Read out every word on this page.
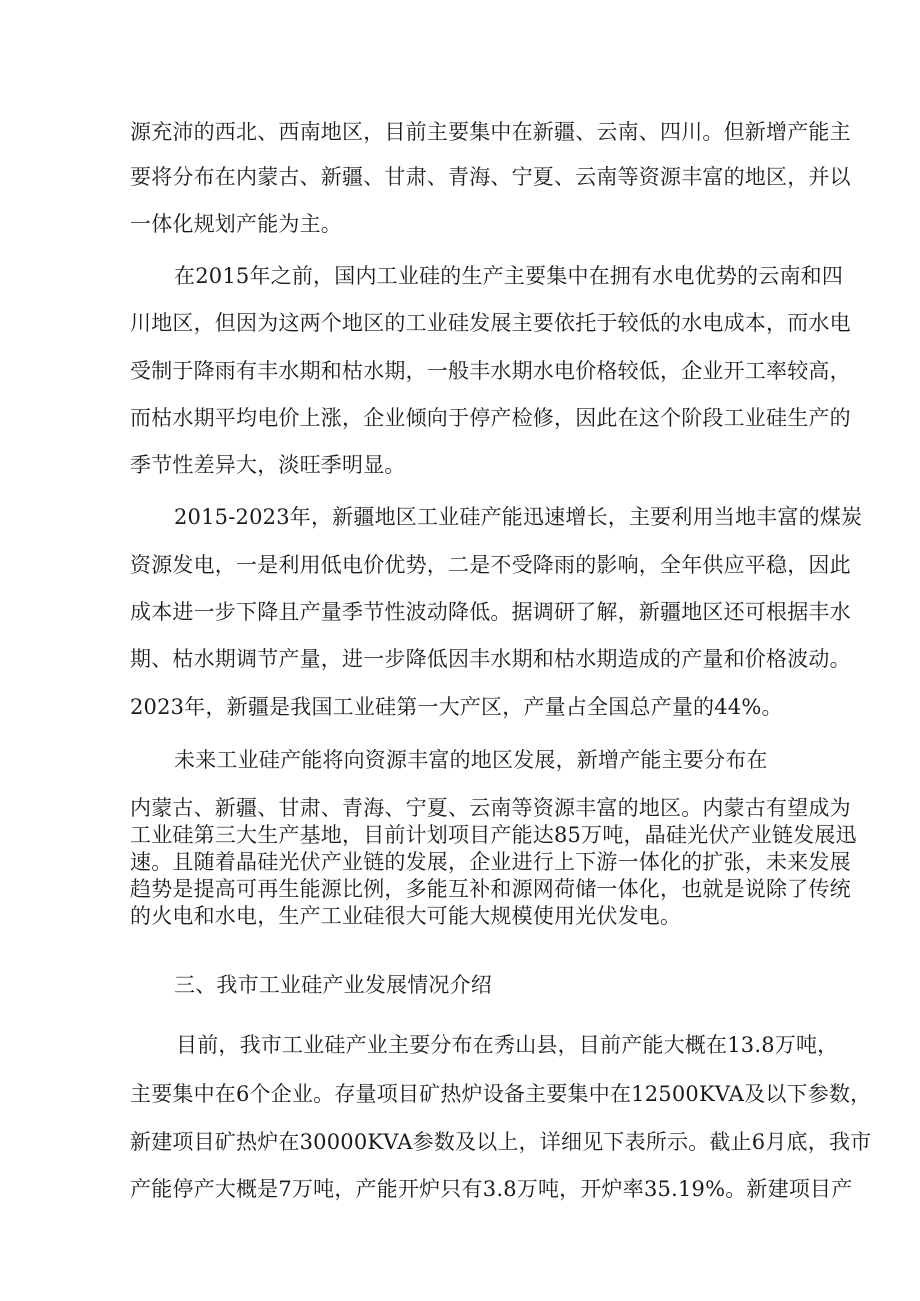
源充沛的西北、西南地区，目前主要集中在新疆、云南、四川。但新增产能主
要将分布在内蒙古、新疆、甘肃、青海、宁夏、云南等资源丰富的地区，并以
一体化规划产能为主。
在2015年之前，国内工业硅的生产主要集中在拥有水电优势的云南和四
川地区，但因为这两个地区的工业硅发展主要依托于较低的水电成本，而水电
受制于降雨有丰水期和枯水期，一般丰水期水电价格较低，企业开工率较高，
而枯水期平均电价上涨，企业倾向于停产检修，因此在这个阶段工业硅生产的
季节性差异大，淡旺季明显。
2015-2023年，新疆地区工业硅产能迅速增长，主要利用当地丰富的煤炭
资源发电，一是利用低电价优势，二是不受降雨的影响，全年供应平稳，因此
成本进一步下降且产量季节性波动降低。据调研了解，新疆地区还可根据丰水
期、枯水期调节产量，进一步降低因丰水期和枯水期造成的产量和价格波动。
2023年，新疆是我国工业硅第一大产区，产量占全国总产量的44%。
未来工业硅产能将向资源丰富的地区发展，新增产能主要分布在
内蒙古、新疆、甘肃、青海、宁夏、云南等资源丰富的地区。内蒙古有望成为
工业硅第三大生产基地，目前计划项目产能达85万吨，晶硅光伏产业链发展迅
速。且随着晶硅光伏产业链的发展，企业进行上下游一体化的扩张，未来发展
趋势是提高可再生能源比例，多能互补和源网荷储一体化，也就是说除了传统
的火电和水电，生产工业硅很大可能大规模使用光伏发电。
三、我市工业硅产业发展情况介绍
目前，我市工业硅产业主要分布在秀山县，目前产能大概在13.8万吨，
主要集中在6个企业。存量项目矿热炉设备主要集中在12500KVA及以下参数，
新建项目矿热炉在30000KVA参数及以上，详细见下表所示。截止6月底，我市
产能停产大概是7万吨，产能开炉只有3.8万吨，开炉率35.19%。新建项目产
